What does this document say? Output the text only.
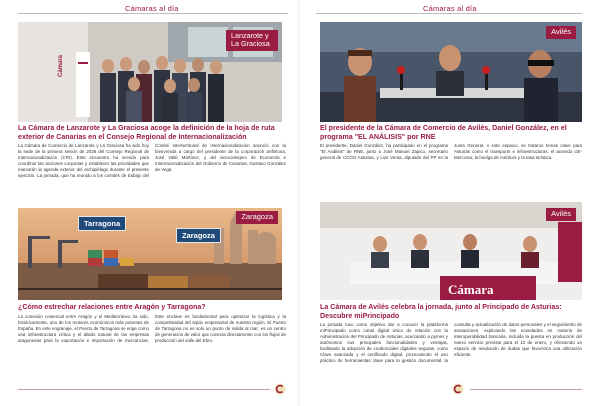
Cámaras al día
Lanzarote y La Graciosa
Cámara
La Cámara de Lanzarote y La Graciosa acoge la definición de la hoja de ruta exterior de Canarias en el Consejo Regional de Internacionalización
La Cámara de Comercio de Lanzarote y La Graciosa ha sido hoy la sede de la primera sesión de 2026 del Consejo Regional de Internacionalización (CRI). Este encuentro ha servido para coordinar las acciones conjuntas y establecer las prioridades que marcarán la agenda exterior del archipiélago durante el presente ejercicio. La jornada, que ha reunido a los comités de trabajo del Comité Interterritorial de Internacionalización anunció con la bienvenida a cargo del presidente de la corporación anfitriona, José Valle Martínez, y del viceconsejero de Economía e Internacionalización del Gobierno de Canarias, Gustavo González de Vega.
Tarragona
Zaragoza
Zaragoza
¿Cómo estrechar relaciones entre Aragón y Tarragona?
La conexión comercial entre Aragón y el Mediterráneo ha sido, históricamente, uno de los motores económicos más potentes de España. En este engranaje, el Puerto de Tarragona se erige como una infraestructura crítica y el aliado natural de las empresas aragonesas para la exportación e importación de mercancías. Este enclave es fundamental para optimizar la logística y la competitividad del tejido empresarial de nuestra región. El Puerto de Tarragona no es solo un punto de salida al mar; es un centro de generación de valor que conecta directamente con los flujos de producción del valle del Ebro.
Cámaras al día
Avilés
El presidente de la Cámara de Comercio de Avilés, Daniel González, en el programa "EL ANÁLISIS" por RNE
El presidente, Daniel González, ha participado en el programa "El Análisis" de RNE, junto a José Manuel Zapico, secretario general de CCOO Asturias, y Luis Venta, diputado del PP en la Junta General. n este espacio, se trataron temas clave para Asturias como el transporte e infraestructuras, el acuerdo UE-Mercosur, la huelga de médicos y la tasa turística.
Avilés
Cámara
La Cámara de Avilés celebra la jornada, junto al Principado de Asturias: Descubre miPrincipado
La jornada tuvo como objetivo dar a conocer la plataforma miPrincipado como canal digital único de relación con la Administración del Principado de Asturias, acercando a pymes y autónomos sus principales funcionalidades y ventajas, facilitando la adopción de credenciales digitales seguras, como Clave avanzada y el certificado digital, promoviendo el uso práctico de herramientas clave para la gestión documental, la consulta y actualización de datos personales y el seguimiento de anotaciones, explicando las novedades en materia de interoperabilidad bancaria, incluida la puesta en producción del nuevo servicio prevista para el 12 de enero, y ofreciendo un espacio de resolución de dudas que favorezca una utilización eficiente.
